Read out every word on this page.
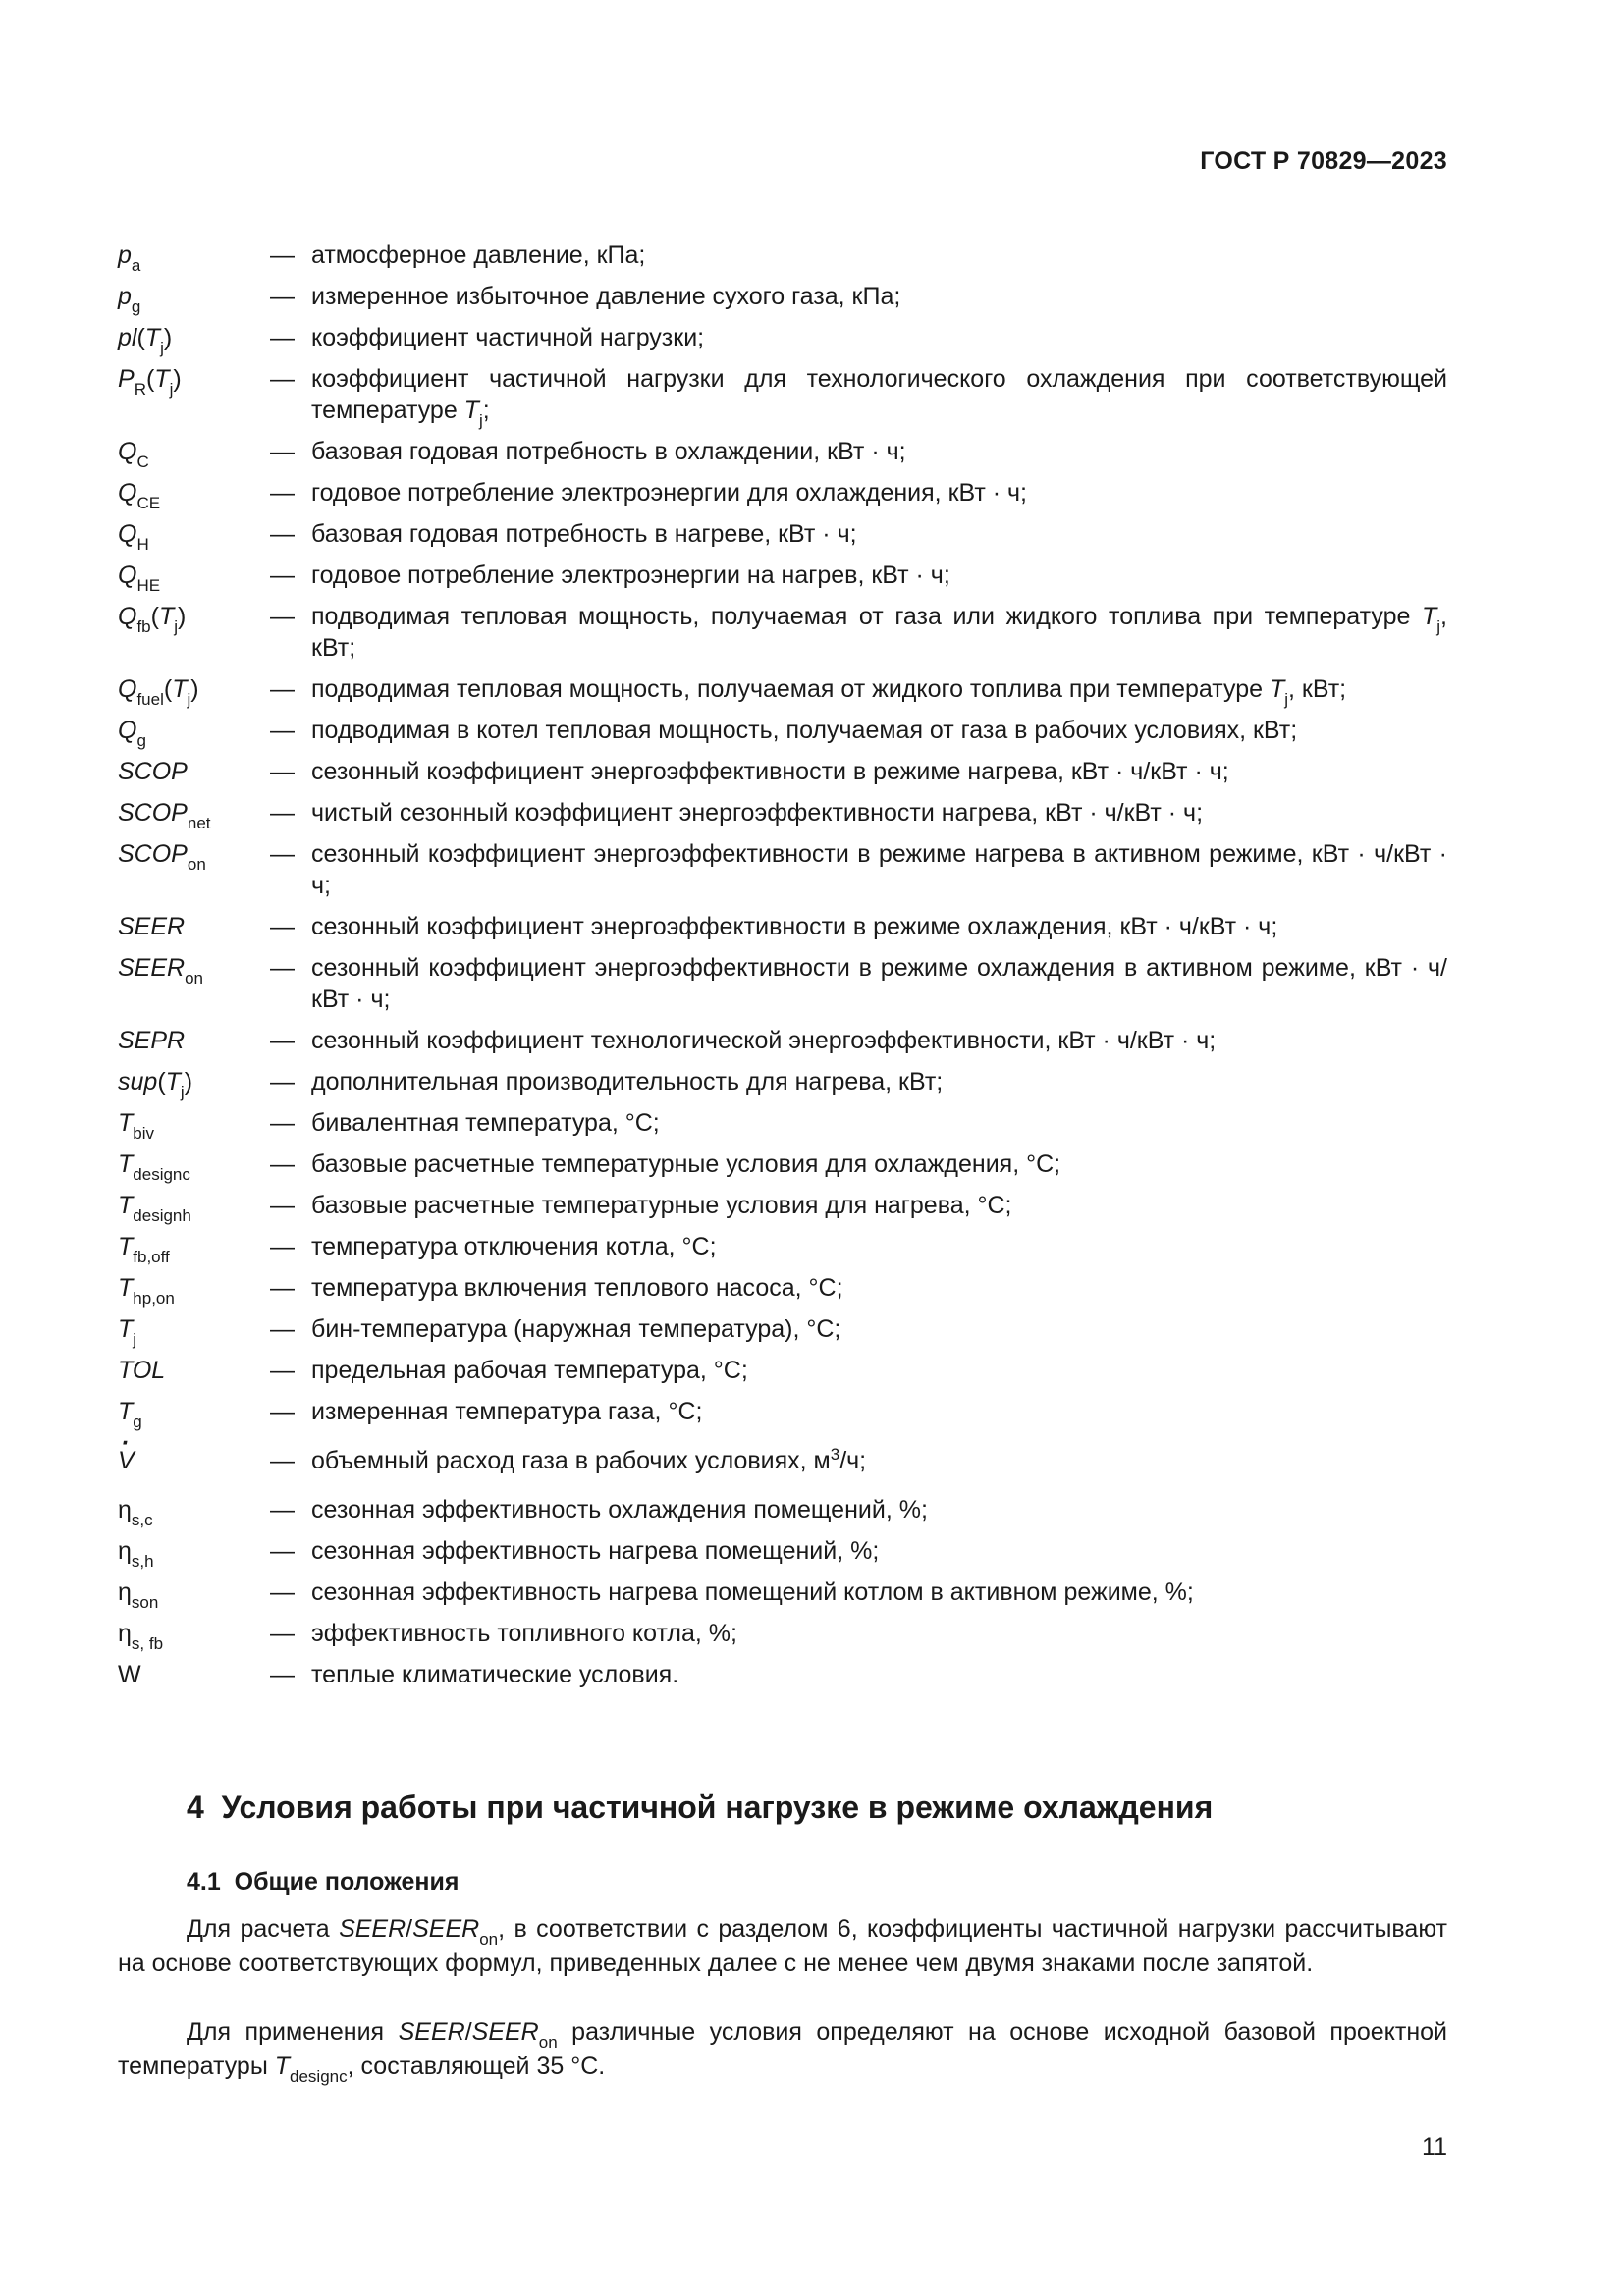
ГОСТ Р 70829—2023
$p_a$	— атмосферное давление, кПа;
$p_g$	— измеренное избыточное давление сухого газа, кПа;
$pl(T_j)$	— коэффициент частичной нагрузки;
$P_R(T_j)$	— коэффициент частичной нагрузки для технологического охлаждения при соответствующей температуре $T_j$;
$Q_C$	— базовая годовая потребность в охлаждении, кВт · ч;
$Q_{CE}$	— годовое потребление электроэнергии для охлаждения, кВт · ч;
$Q_H$	— базовая годовая потребность в нагреве, кВт · ч;
$Q_{HE}$	— годовое потребление электроэнергии на нагрев, кВт · ч;
$Q_{fb}(T_j)$	— подводимая тепловая мощность, получаемая от газа или жидкого топлива при температуре $T_j$, кВт;
$Q_{fuel}(T_j)$	— подводимая тепловая мощность, получаемая от жидкого топлива при температуре $T_j$, кВт;
$Q_g$	— подводимая в котел тепловая мощность, получаемая от газа в рабочих условиях, кВт;
SCOP	— сезонный коэффициент энергоэффективности в режиме нагрева, кВт · ч/кВт · ч;
$SCOP_{net}$	— чистый сезонный коэффициент энергоэффективности нагрева, кВт · ч/кВт · ч;
$SCOP_{on}$	— сезонный коэффициент энергоэффективности в режиме нагрева в активном режиме, кВт · ч/кВт · ч;
SEER	— сезонный коэффициент энергоэффективности в режиме охлаждения, кВт · ч/кВт · ч;
$SEER_{on}$	— сезонный коэффициент энергоэффективности в режиме охлаждения в активном режиме, кВт · ч/кВт · ч;
SEPR	— сезонный коэффициент технологической энергоэффективности, кВт · ч/кВт · ч;
$sup(T_j)$	— дополнительная производительность для нагрева, кВт;
$T_{biv}$	— бивалентная температура, °С;
$T_{designc}$	— базовые расчетные температурные условия для охлаждения, °С;
$T_{designh}$	— базовые расчетные температурные условия для нагрева, °С;
$T_{fb,off}$	— температура отключения котла, °С;
$T_{hp,on}$	— температура включения теплового насоса, °С;
$T_j$	— бин-температура (наружная температура), °С;
TOL	— предельная рабочая температура, °С;
$T_g$	— измеренная температура газа, °С;
· V	— объемный расход газа в рабочих условиях, $м^3/ч$;
$\eta_{s,c}$	— сезонная эффективность охлаждения помещений, %;
$\eta_{s,h}$	— сезонная эффективность нагрева помещений, %;
$\eta_{son}$	— сезонная эффективность нагрева помещений котлом в активном режиме, %;
$\eta_{s, fb}$	— эффективность топливного котла, %;
W	— теплые климатические условия.
4 Условия работы при частичной нагрузке в режиме охлаждения
4.1 Общие положения
Для расчета SEER/$SEER_{on}$, в соответствии с разделом 6, коэффициенты частичной нагрузки рассчитывают на основе соответствующих формул, приведенных далее с не менее чем двумя знаками после запятой.
Для применения SEER/$SEER_{on}$ различные условия определяют на основе исходной базовой проектной температуры $T_{designc}$, составляющей 35 °С.
11
